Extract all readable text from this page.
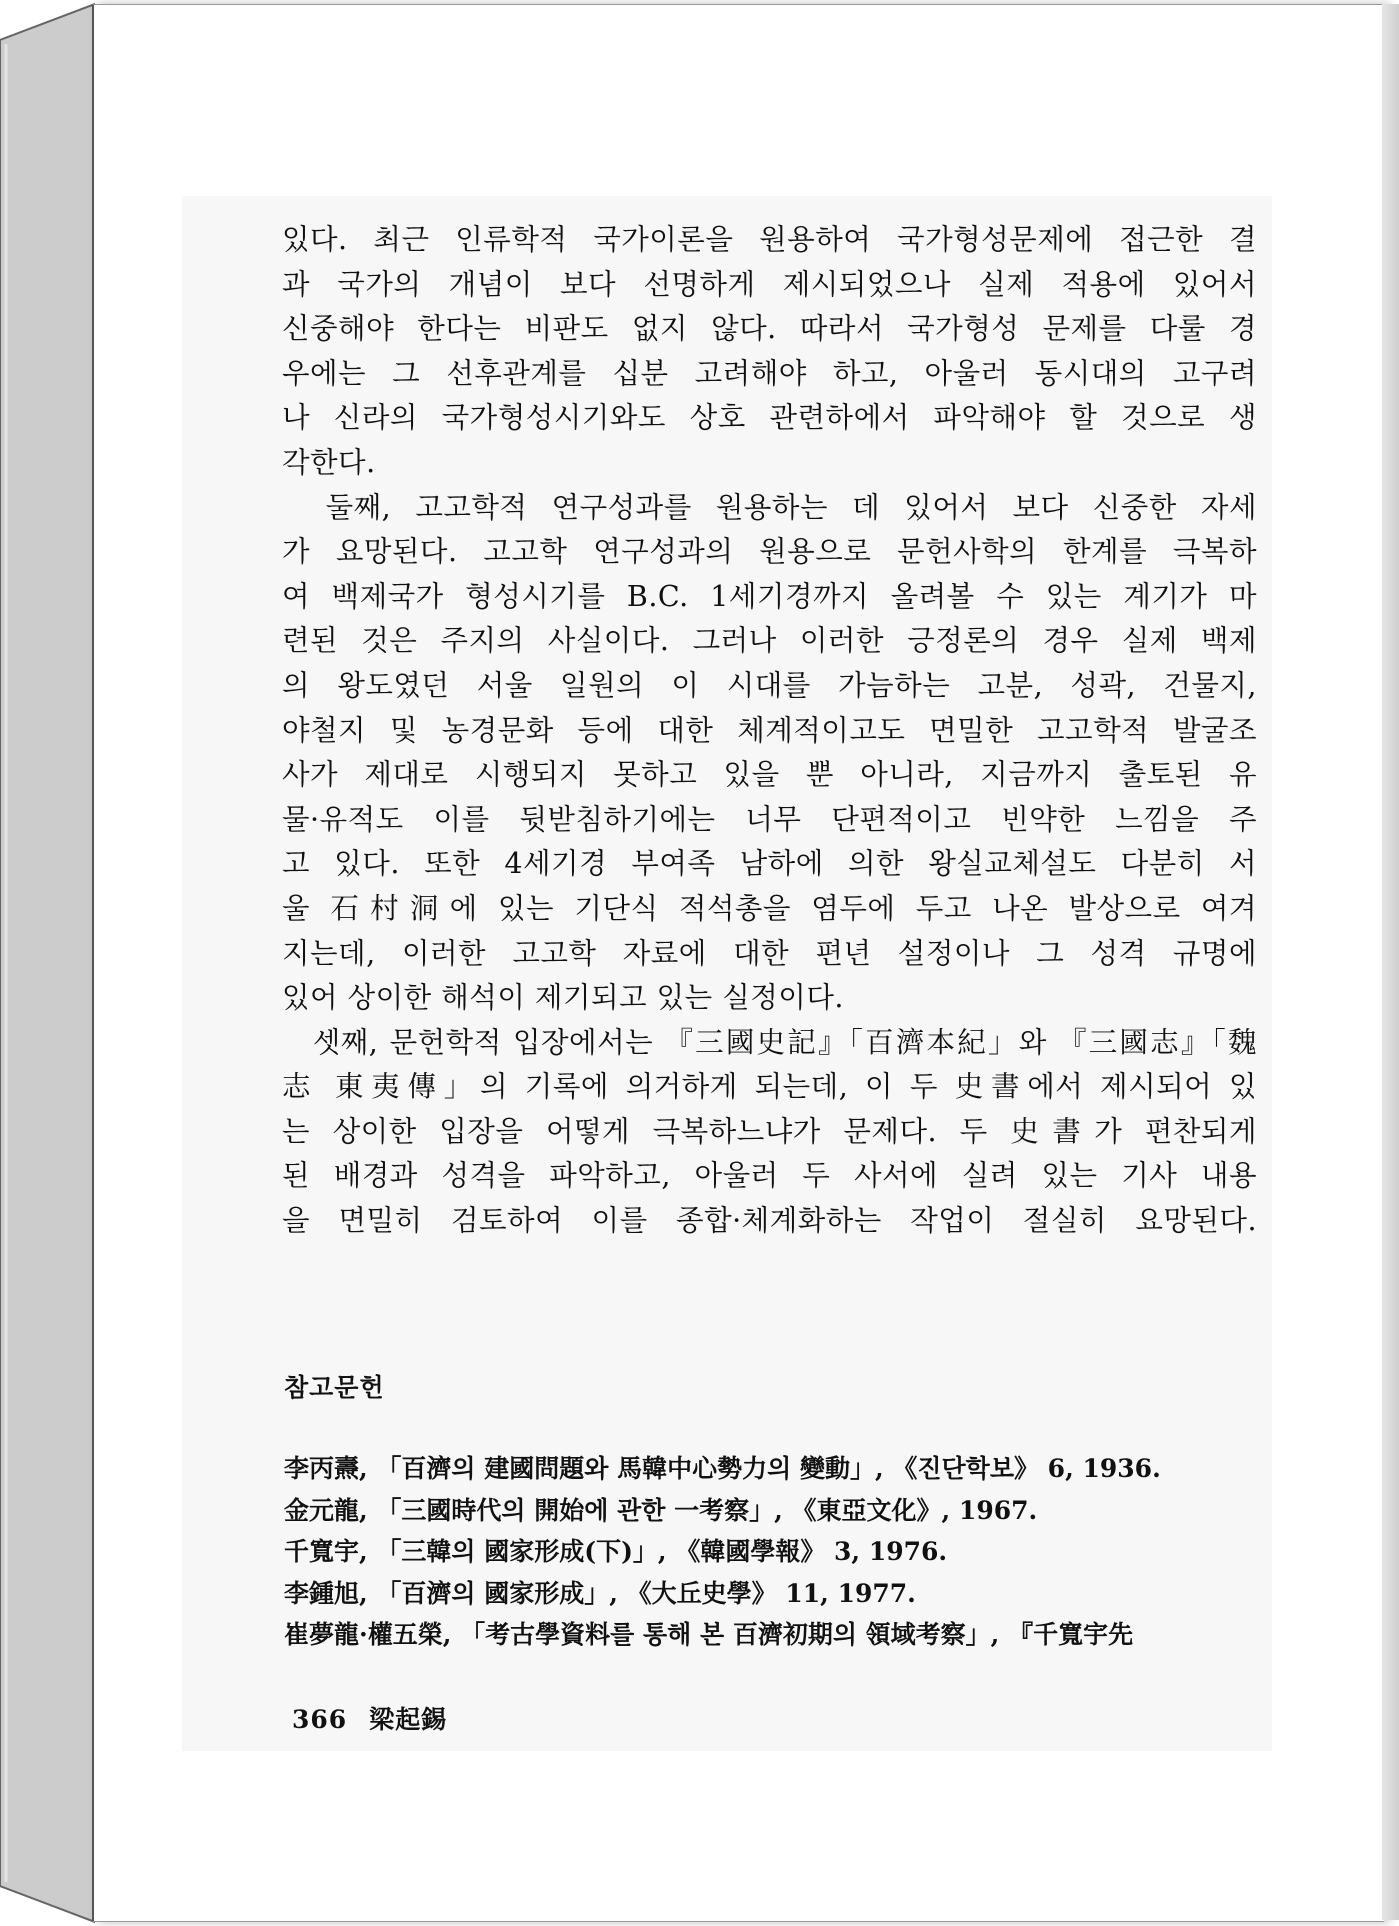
있다. 최근 인류학적 국가이론을 원용하여 국가형성문제에 접근한 결
과 국가의 개념이 보다 선명하게 제시되었으나 실제 적용에 있어서
신중해야 한다는 비판도 없지 않다. 따라서 국가형성 문제를 다룰 경
우에는 그 선후관계를 십분 고려해야 하고, 아울러 동시대의 고구려
나 신라의 국가형성시기와도 상호 관련하에서 파악해야 할 것으로 생
각한다.
　둘째, 고고학적 연구성과를 원용하는 데 있어서 보다 신중한 자세
가 요망된다. 고고학 연구성과의 원용으로 문헌사학의 한계를 극복하
여 백제국가 형성시기를 B.C. 1세기경까지 올려볼 수 있는 계기가 마
련된 것은 주지의 사실이다. 그러나 이러한 긍정론의 경우 실제 백제
의 왕도였던 서울 일원의 이 시대를 가늠하는 고분, 성곽, 건물지,
야철지 및 농경문화 등에 대한 체계적이고도 면밀한 고고학적 발굴조
사가 제대로 시행되지 못하고 있을 뿐 아니라, 지금까지 출토된 유
물·유적도 이를 뒷받침하기에는 너무 단편적이고 빈약한 느낌을 주
고 있다. 또한 4세기경 부여족 남하에 의한 왕실교체설도 다분히 서
울 石村洞에 있는 기단식 적석총을 염두에 두고 나온 발상으로 여겨
지는데, 이러한 고고학 자료에 대한 편년 설정이나 그 성격 규명에
있어 상이한 해석이 제기되고 있는 실정이다.
　셋째, 문헌학적 입장에서는 『三國史記』「百濟本紀」와 『三國志』「魏
志 東夷傳」의 기록에 의거하게 되는데, 이 두 史書에서 제시되어 있
는 상이한 입장을 어떻게 극복하느냐가 문제다. 두 史書가 편찬되게
된 배경과 성격을 파악하고, 아울러 두 사서에 실려 있는 기사 내용
을 면밀히 검토하여 이를 종합·체계화하는 작업이 절실히 요망된다.
참고문헌
李丙燾, 「百濟의 建國問題와 馬韓中心勢力의 變動」, 《진단학보》 6, 1936.
金元龍, 「三國時代의 開始에 관한 一考察」, 《東亞文化》, 1967.
千寬宇, 「三韓의 國家形成(下)」, 《韓國學報》 3, 1976.
李鍾旭, 「百濟의 國家形成」, 《大丘史學》 11, 1977.
崔夢龍·權五榮, 「考古學資料를 통해 본 百濟初期의 領域考察」, 『千寬宇先
366 梁起錫
